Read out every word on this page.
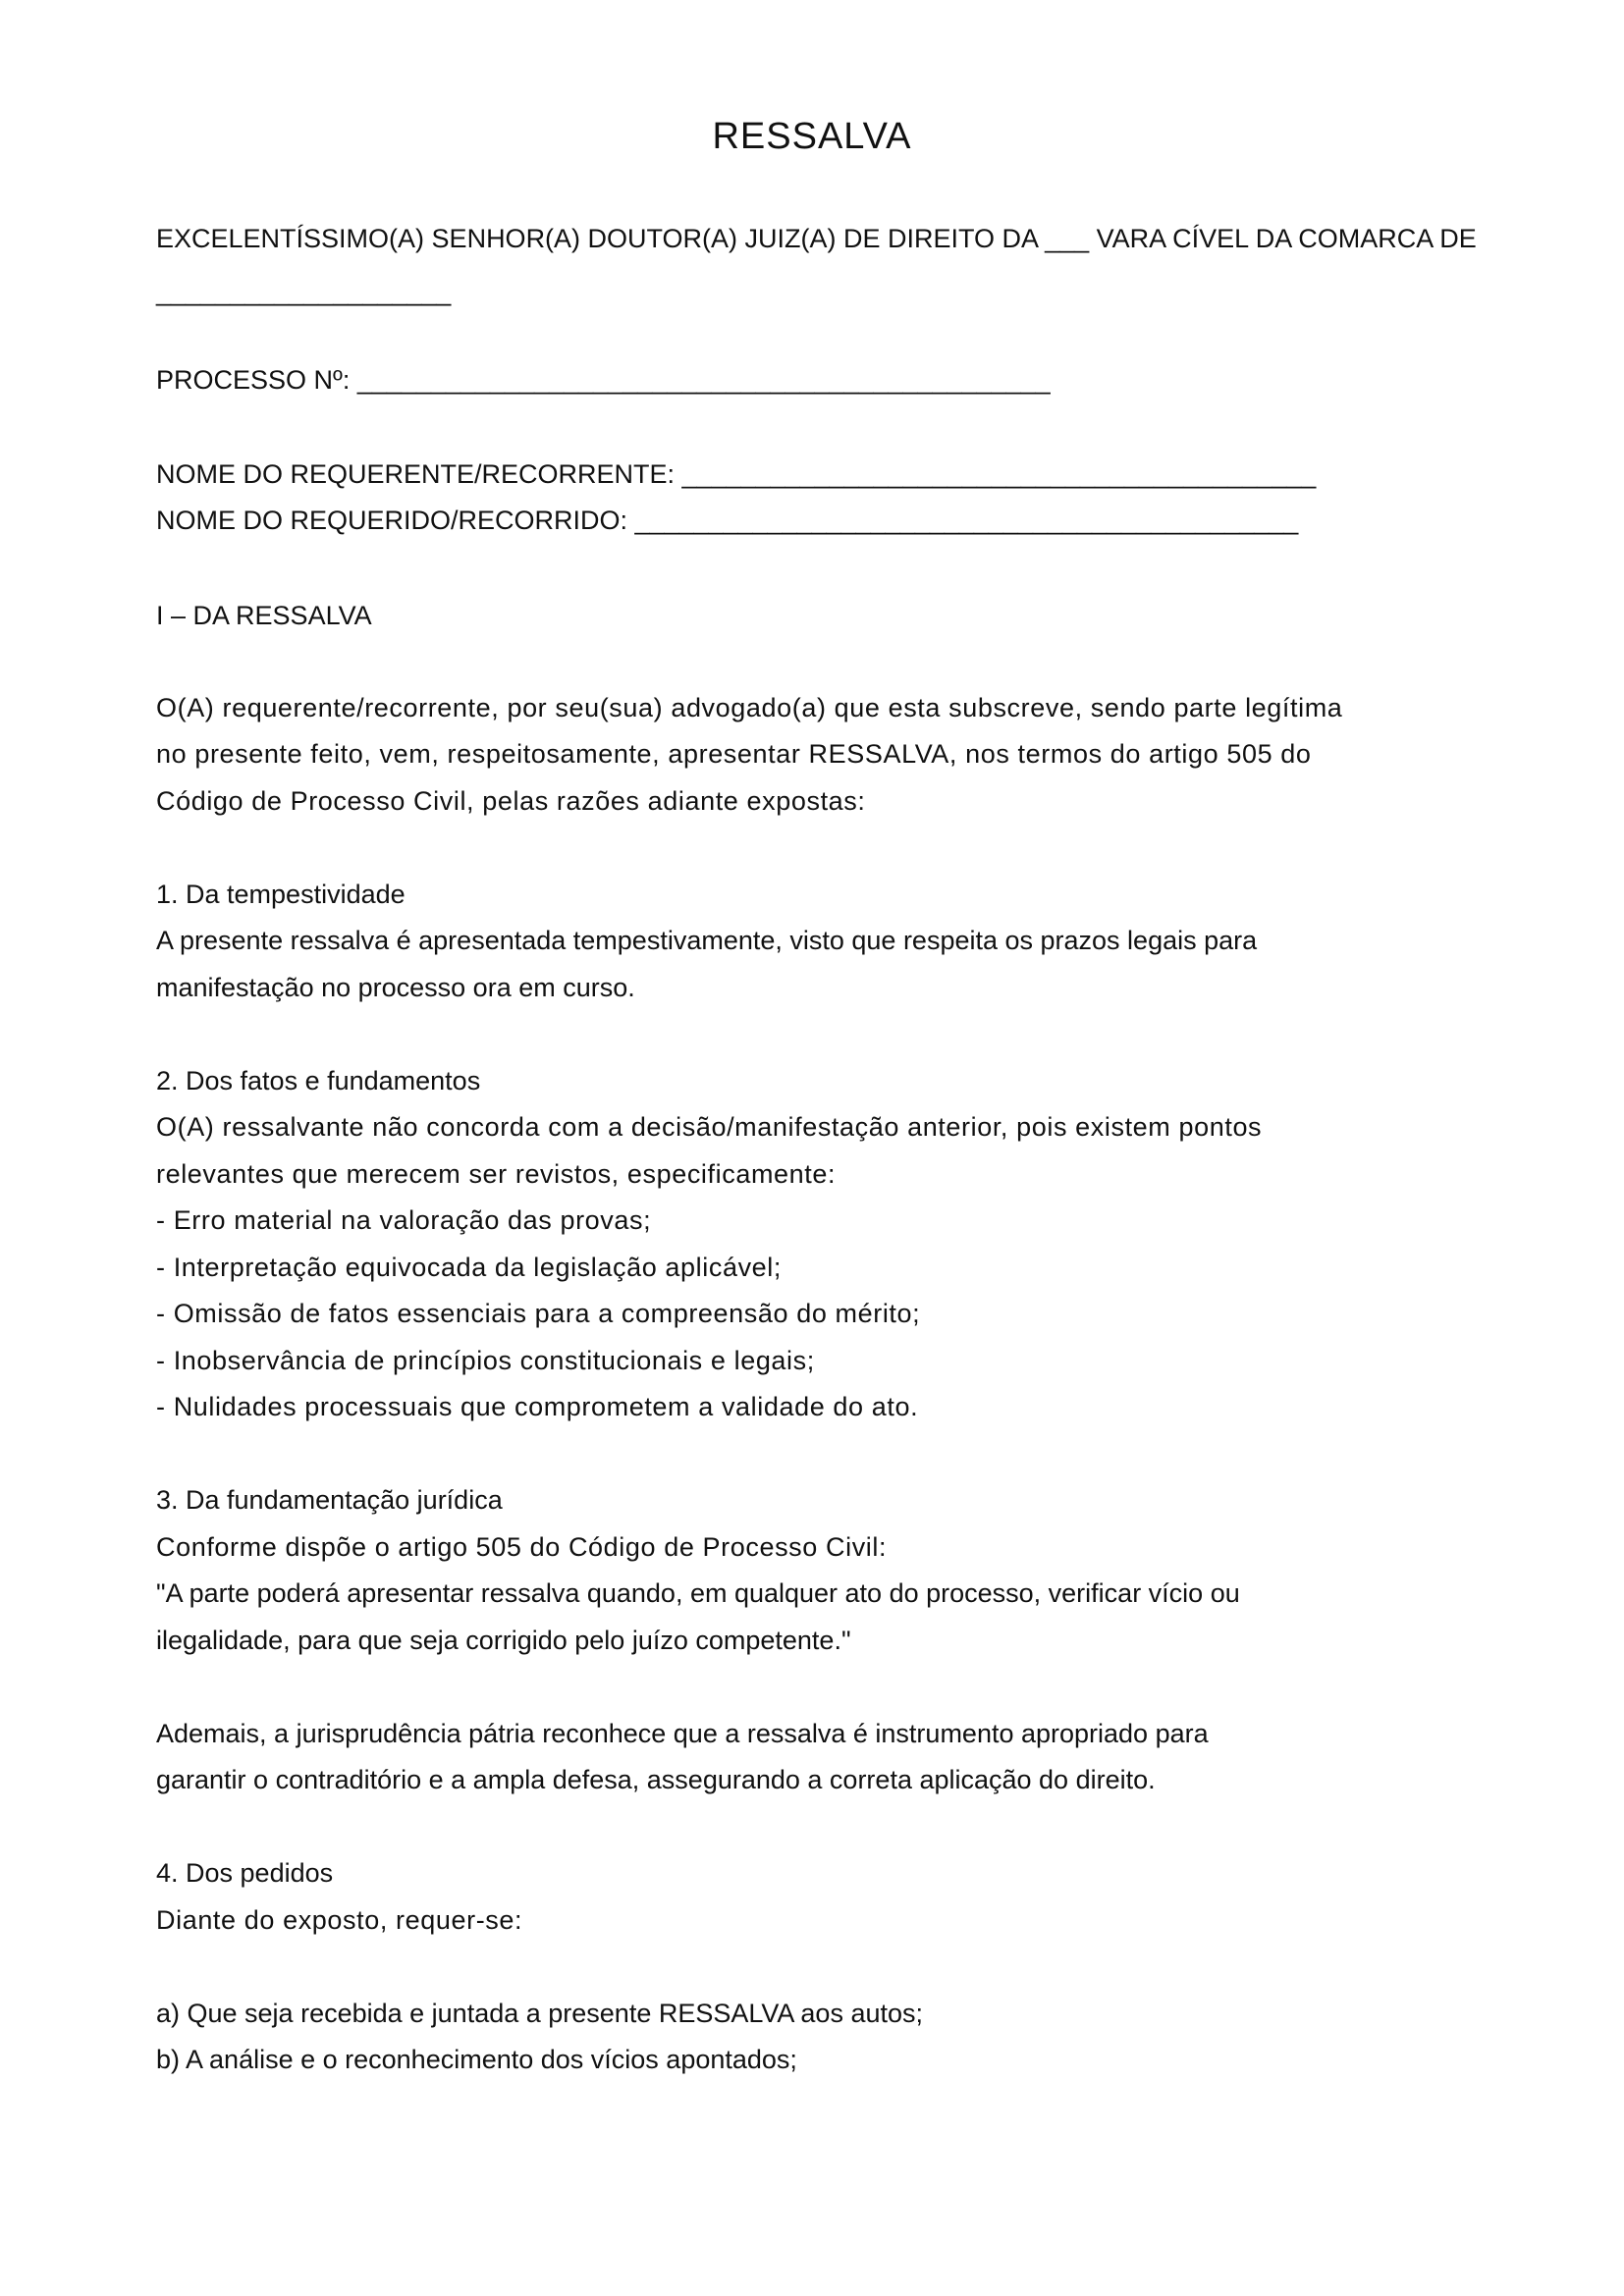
RESSALVA

EXCELENTÍSSIMO(A) SENHOR(A) DOUTOR(A) JUIZ(A) DE DIREITO DA ___ VARA CÍVEL DA COMARCA DE

____________________

PROCESSO Nº: _______________________________________________

NOME DO REQUERENTE/RECORRENTE: ___________________________________________

NOME DO REQUERIDO/RECORRIDO: _____________________________________________

I – DA RESSALVA

O(A) requerente/recorrente, por seu(sua) advogado(a) que esta subscreve, sendo parte legítima

no presente feito, vem, respeitosamente, apresentar RESSALVA, nos termos do artigo 505 do

Código de Processo Civil, pelas razões adiante expostas:

1. Da tempestividade

A presente ressalva é apresentada tempestivamente, visto que respeita os prazos legais para

manifestação no processo ora em curso.

2. Dos fatos e fundamentos

O(A) ressalvante não concorda com a decisão/manifestação anterior, pois existem pontos

relevantes que merecem ser revistos, especificamente:

- Erro material na valoração das provas;

- Interpretação equivocada da legislação aplicável;

- Omissão de fatos essenciais para a compreensão do mérito;

- Inobservância de princípios constitucionais e legais;

- Nulidades processuais que comprometem a validade do ato.

3. Da fundamentação jurídica

Conforme dispõe o artigo 505 do Código de Processo Civil:

"A parte poderá apresentar ressalva quando, em qualquer ato do processo, verificar vício ou

ilegalidade, para que seja corrigido pelo juízo competente."

Ademais, a jurisprudência pátria reconhece que a ressalva é instrumento apropriado para

garantir o contraditório e a ampla defesa, assegurando a correta aplicação do direito.

4. Dos pedidos

Diante do exposto, requer-se:

a) Que seja recebida e juntada a presente RESSALVA aos autos;

b) A análise e o reconhecimento dos vícios apontados;
